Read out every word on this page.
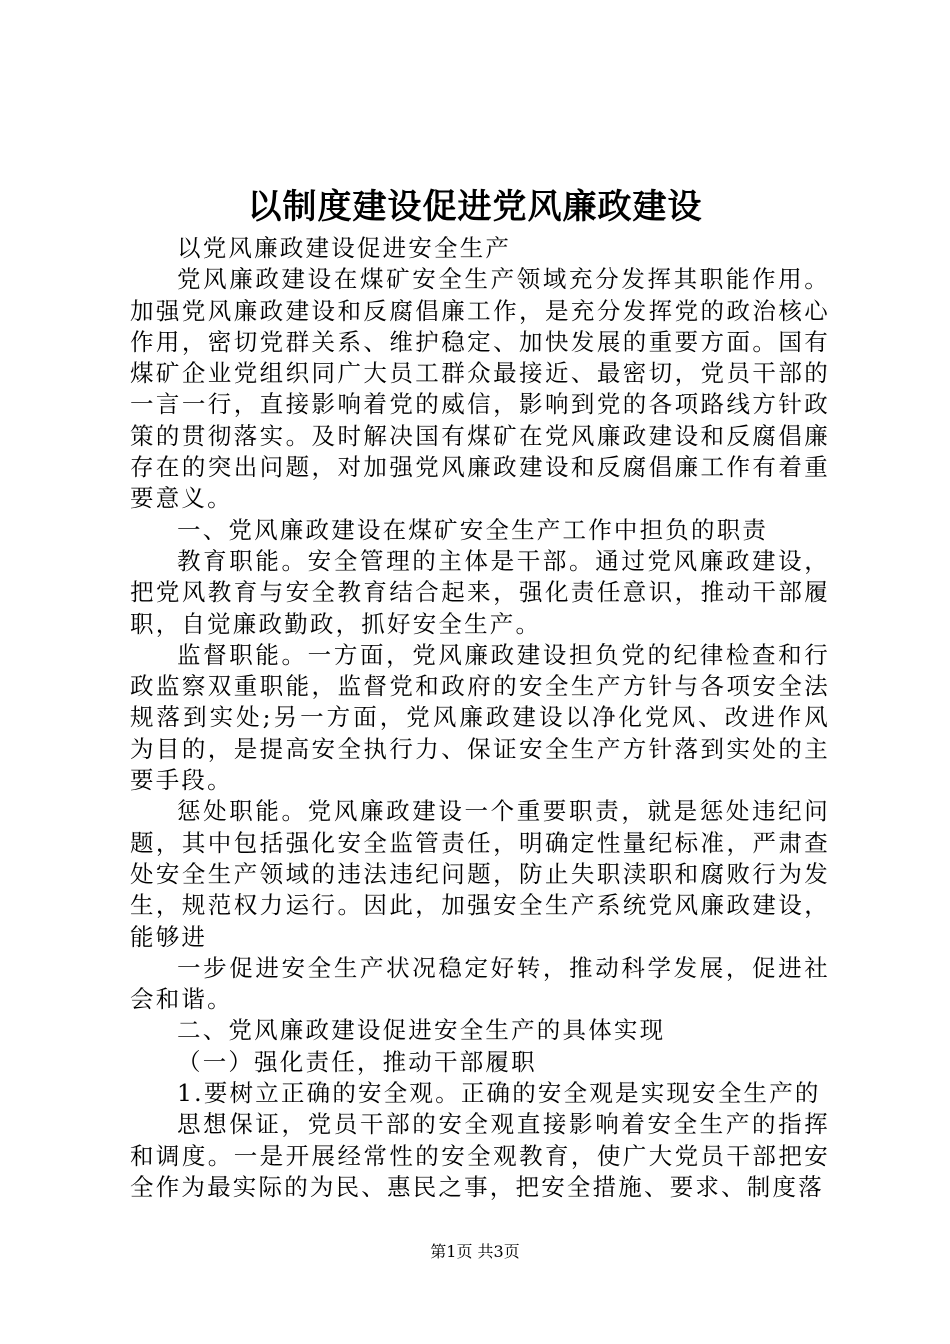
以制度建设促进党风廉政建设

以党风廉政建设促进安全生产

党风廉政建设在煤矿安全生产领域充分发挥其职能作用。加强党风廉政建设和反腐倡廉工作，是充分发挥党的政治核心作用，密切党群关系、维护稳定、加快发展的重要方面。国有煤矿企业党组织同广大员工群众最接近、最密切，党员干部的一言一行，直接影响着党的威信，影响到党的各项路线方针政策的贯彻落实。及时解决国有煤矿在党风廉政建设和反腐倡廉存在的突出问题，对加强党风廉政建设和反腐倡廉工作有着重要意义。

一、党风廉政建设在煤矿安全生产工作中担负的职责

教育职能。安全管理的主体是干部。通过党风廉政建设，把党风教育与安全教育结合起来，强化责任意识，推动干部履职，自觉廉政勤政，抓好安全生产。

监督职能。一方面，党风廉政建设担负党的纪律检查和行政监察双重职能，监督党和政府的安全生产方针与各项安全法规落到实处;另一方面，党风廉政建设以净化党风、改进作风为目的，是提高安全执行力、保证安全生产方针落到实处的主要手段。

惩处职能。党风廉政建设一个重要职责，就是惩处违纪问题，其中包括强化安全监管责任，明确定性量纪标准，严肃查处安全生产领域的违法违纪问题，防止失职渎职和腐败行为发生，规范权力运行。因此，加强安全生产系统党风廉政建设，能够进

一步促进安全生产状况稳定好转，推动科学发展，促进社会和谐。

二、党风廉政建设促进安全生产的具体实现

（一）强化责任，推动干部履职

1.要树立正确的安全观。正确的安全观是实现安全生产的

思想保证，党员干部的安全观直接影响着安全生产的指挥和调度。一是开展经常性的安全观教育，使广大党员干部把安全作为最实际的为民、惠民之事，把安全措施、要求、制度落

第1页 共3页
